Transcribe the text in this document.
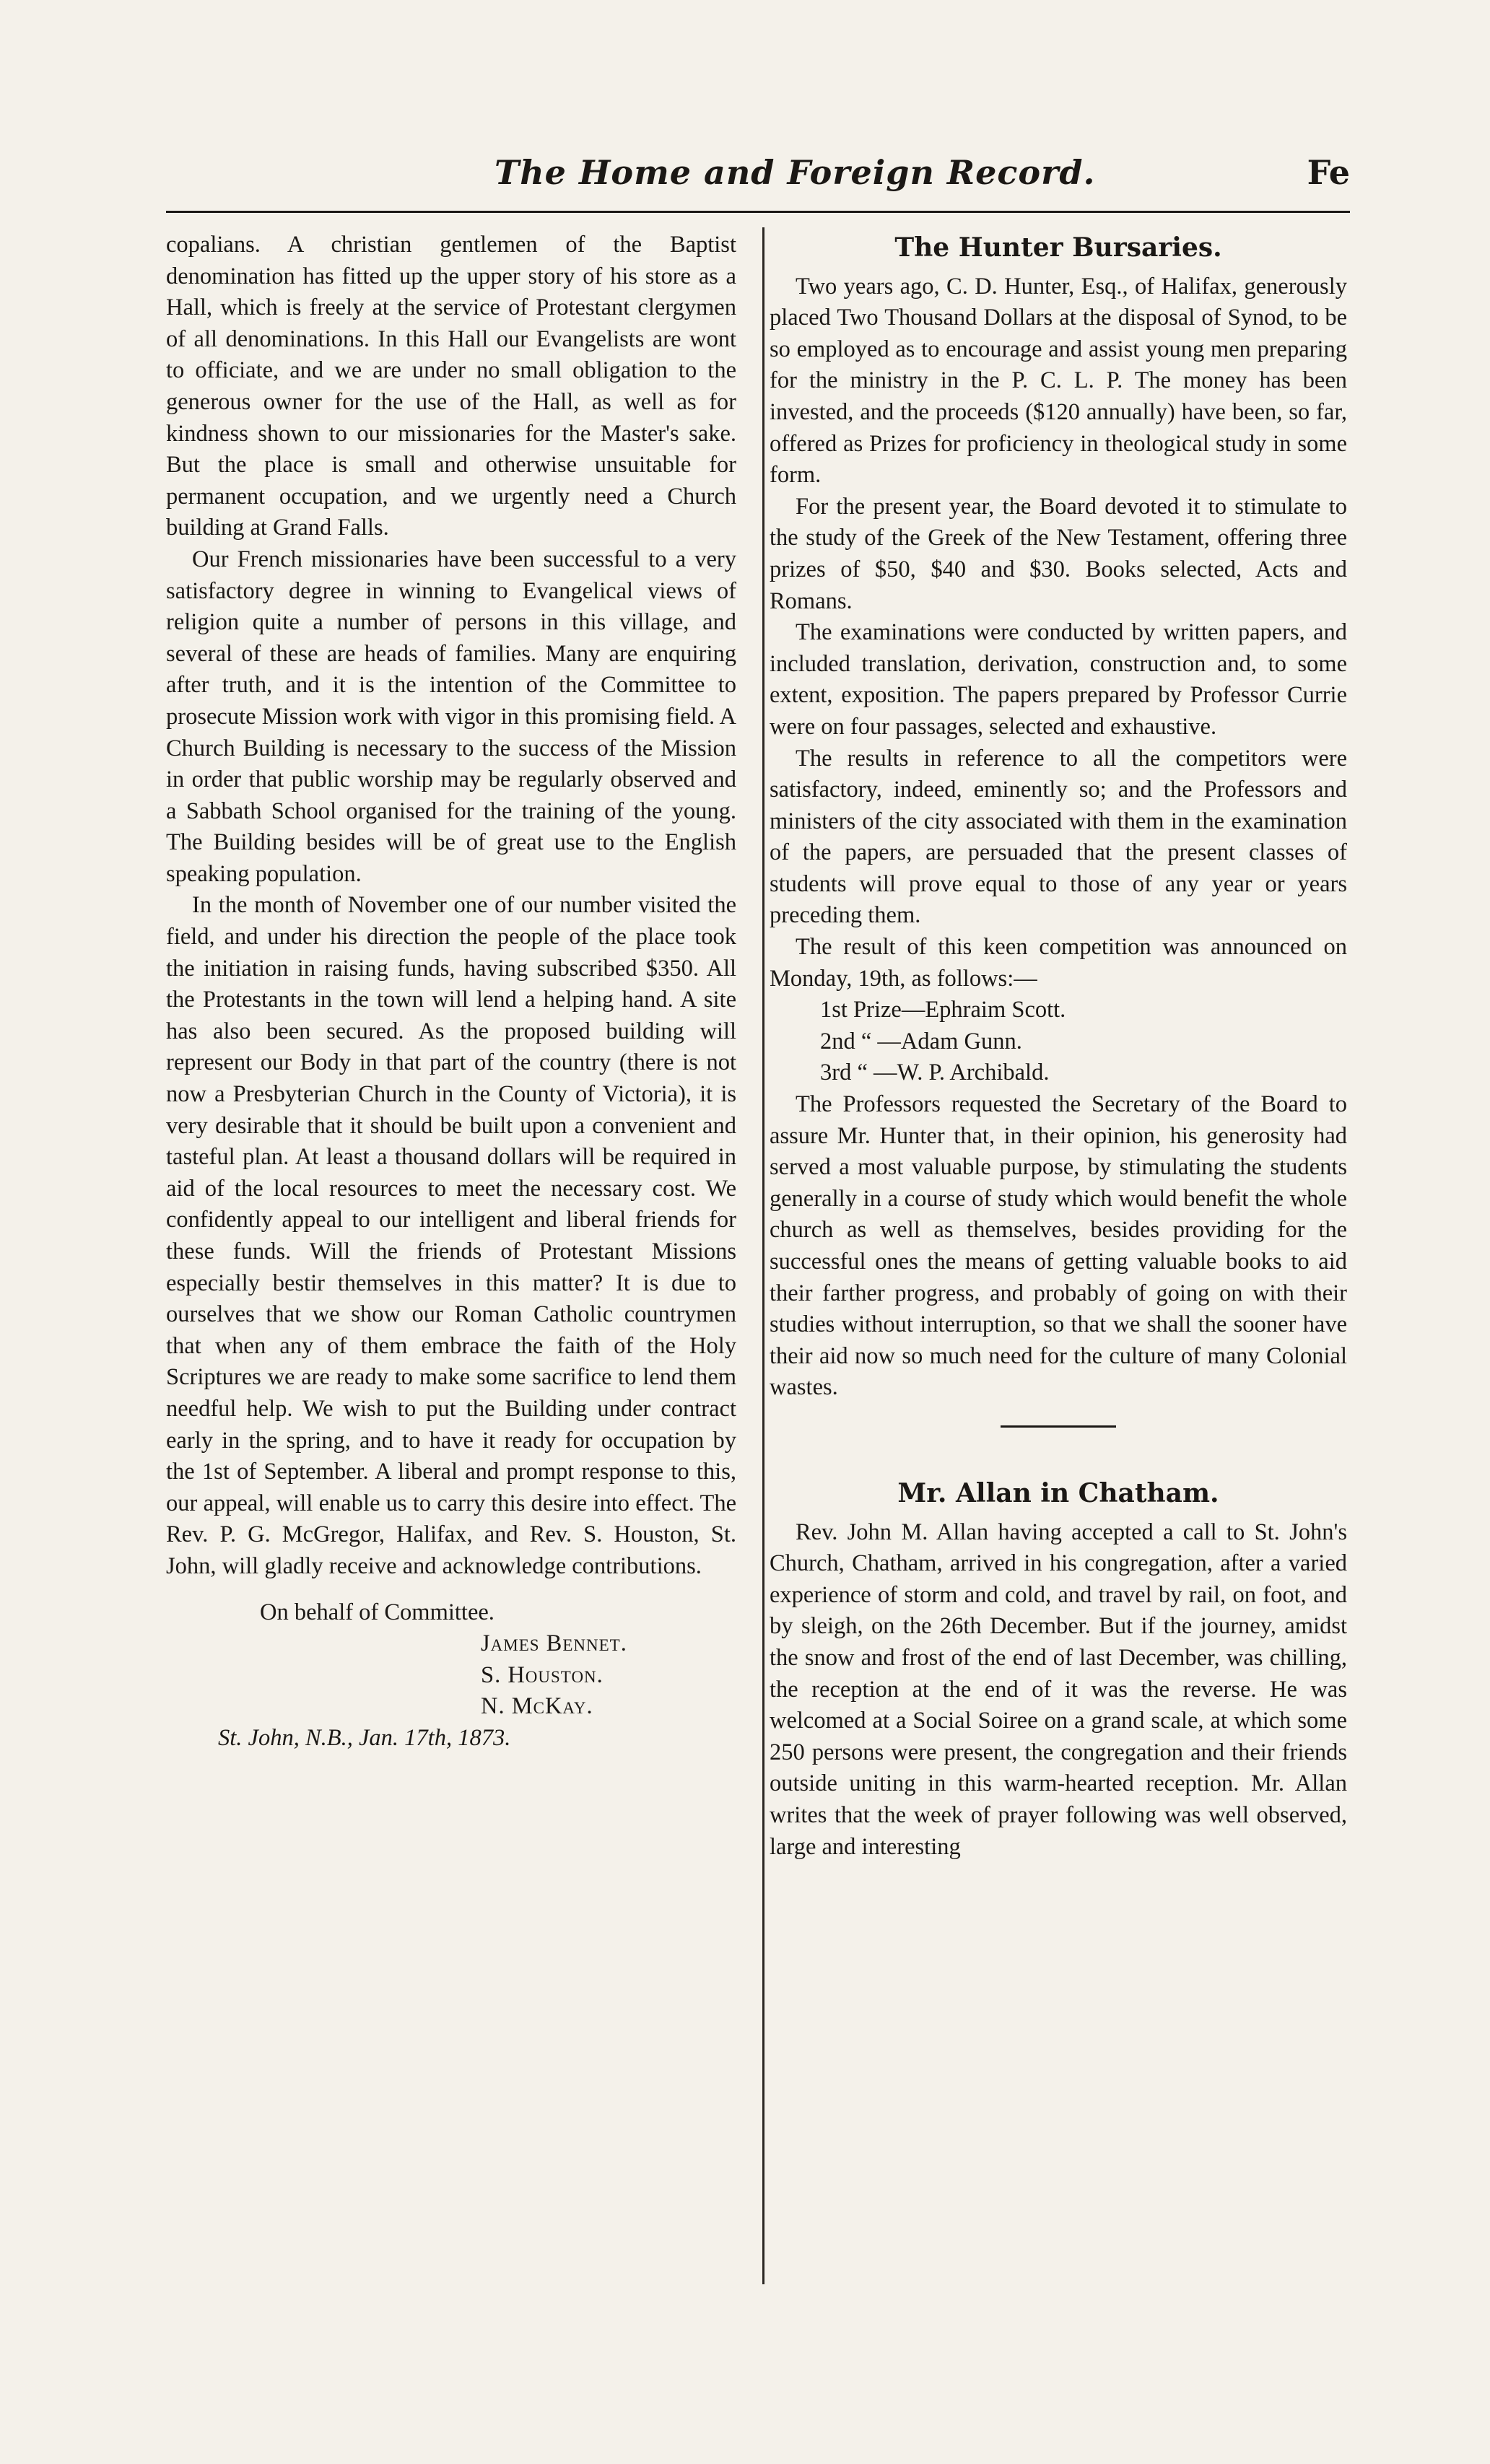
The Home and Foreign Record.	Fe

copalians. A christian gentlemen of the Baptist denomination has fitted up the upper story of his store as a Hall, which is freely at the service of Protestant clergymen of all denominations. In this Hall our Evangelists are wont to officiate, and we are under no small obligation to the generous owner for the use of the Hall, as well as for kindness shown to our missionaries for the Master's sake. But the place is small and otherwise unsuitable for permanent occupation, and we urgently need a Church building at Grand Falls.

Our French missionaries have been successful to a very satisfactory degree in winning to Evangelical views of religion quite a number of persons in this village, and several of these are heads of families. Many are enquiring after truth, and it is the intention of the Committee to prosecute Mission work with vigor in this promising field. A Church Building is necessary to the success of the Mission in order that public worship may be regularly observed and a Sabbath School organised for the training of the young. The Building besides will be of great use to the English speaking population.

In the month of November one of our number visited the field, and under his direction the people of the place took the initiation in raising funds, having subscribed $350. All the Protestants in the town will lend a helping hand. A site has also been secured. As the proposed building will represent our Body in that part of the country (there is not now a Presbyterian Church in the County of Victoria), it is very desirable that it should be built upon a convenient and tasteful plan. At least a thousand dollars will be required in aid of the local resources to meet the necessary cost. We confidently appeal to our intelligent and liberal friends for these funds. Will the friends of Protestant Missions especially bestir themselves in this matter? It is due to ourselves that we show our Roman Catholic countrymen that when any of them embrace the faith of the Holy Scriptures we are ready to make some sacrifice to lend them needful help. We wish to put the Building under contract early in the spring, and to have it ready for occupation by the 1st of September. A liberal and prompt response to this, our appeal, will enable us to carry this desire into effect. The Rev. P. G. McGregor, Halifax, and Rev. S. Houston, St. John, will gladly receive and acknowledge contributions.

On behalf of Committee.

James Bennet.

S. Houston.

N. McKay.

St. John, N.B., Jan. 17th, 1873.

The Hunter Bursaries.

Two years ago, C. D. Hunter, Esq., of Halifax, generously placed Two Thousand Dollars at the disposal of Synod, to be so employed as to encourage and assist young men preparing for the ministry in the P. C. L. P. The money has been invested, and the proceeds ($120 annually) have been, so far, offered as Prizes for proficiency in theological study in some form.

For the present year, the Board devoted it to stimulate to the study of the Greek of the New Testament, offering three prizes of $50, $40 and $30. Books selected, Acts and Romans.

The examinations were conducted by written papers, and included translation, derivation, construction and, to some extent, exposition. The papers prepared by Professor Currie were on four passages, selected and exhaustive.

The results in reference to all the competitors were satisfactory, indeed, eminently so; and the Professors and ministers of the city associated with them in the examination of the papers, are persuaded that the present classes of students will prove equal to those of any year or years preceding them.

The result of this keen competition was announced on Monday, 19th, as follows:—

1st Prize—Ephraim Scott.

2nd “ —Adam Gunn.

3rd “ —W. P. Archibald.

The Professors requested the Secretary of the Board to assure Mr. Hunter that, in their opinion, his generosity had served a most valuable purpose, by stimulating the students generally in a course of study which would benefit the whole church as well as themselves, besides providing for the successful ones the means of getting valuable books to aid their farther progress, and probably of going on with their studies without interruption, so that we shall the sooner have their aid now so much need for the culture of many Colonial wastes.

Mr. Allan in Chatham.

Rev. John M. Allan having accepted a call to St. John's Church, Chatham, arrived in his congregation, after a varied experience of storm and cold, and travel by rail, on foot, and by sleigh, on the 26th December. But if the journey, amidst the snow and frost of the end of last December, was chilling, the reception at the end of it was the reverse. He was welcomed at a Social Soiree on a grand scale, at which some 250 persons were present, the congregation and their friends outside uniting in this warm-hearted reception. Mr. Allan writes that the week of prayer following was well observed, large and interesting
